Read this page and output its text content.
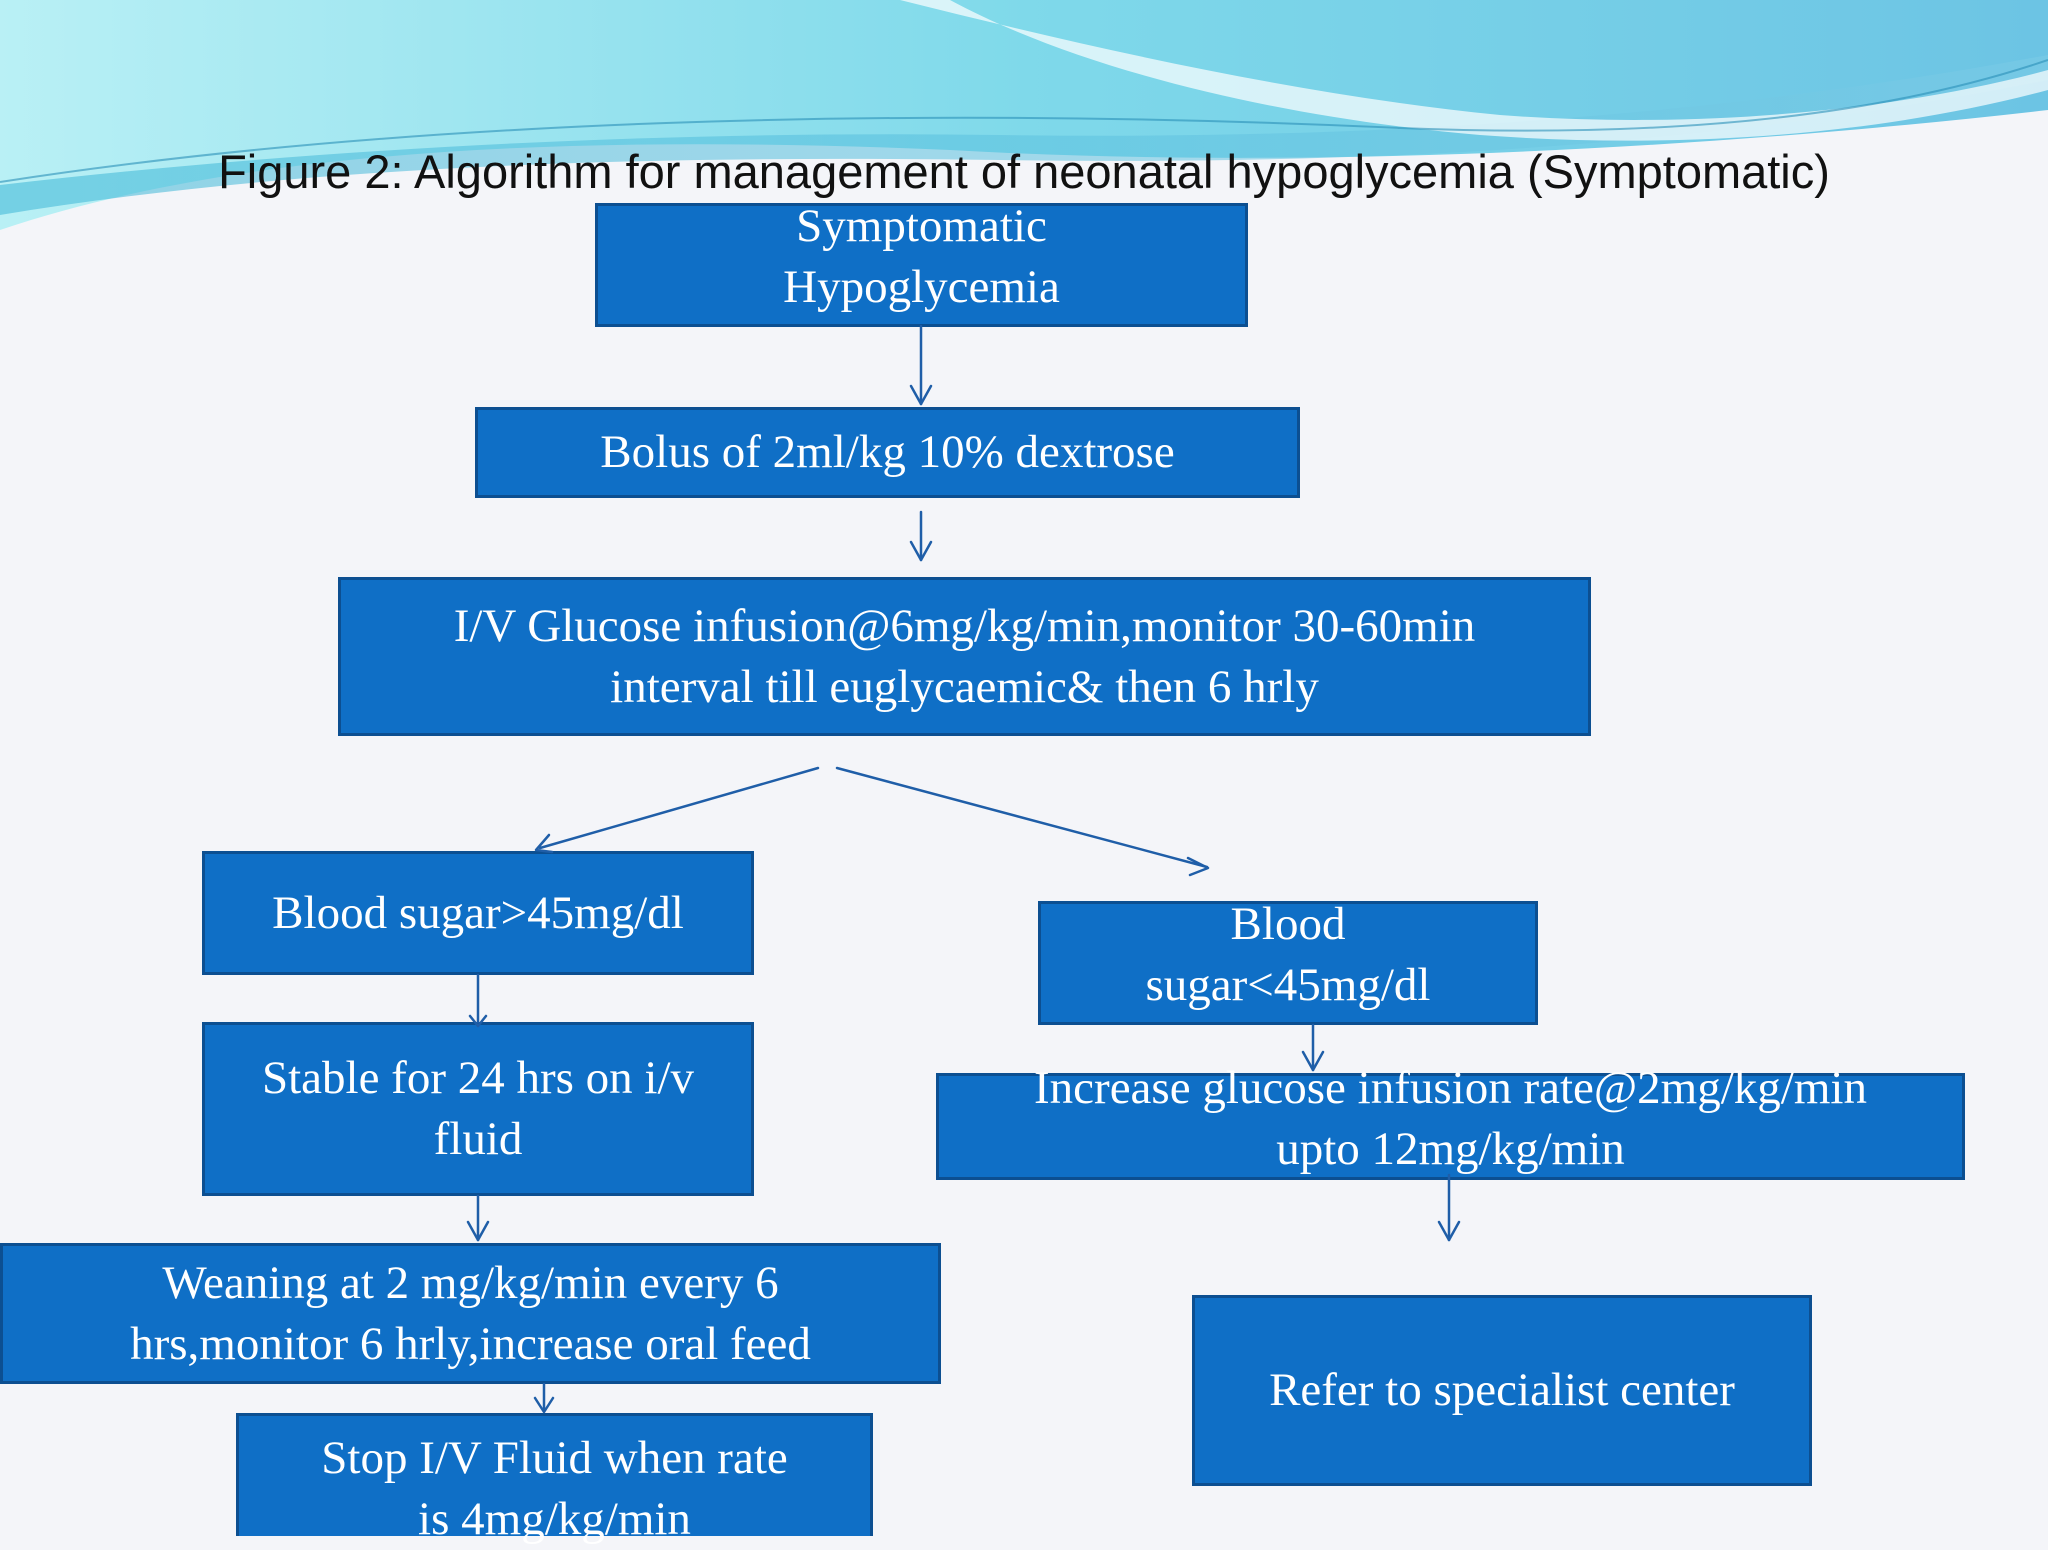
Figure 2: Algorithm for management of neonatal hypoglycemia (Symptomatic)
Symptomatic
Hypoglycemia
Bolus of 2ml/kg 10% dextrose
I/V Glucose infusion@6mg/kg/min,monitor 30-60min
interval till euglycaemic& then 6 hrly
Blood sugar>45mg/dl
Stable for 24 hrs on i/v
fluid
Weaning at 2 mg/kg/min every 6
hrs,monitor 6 hrly,increase oral feed
Stop I/V Fluid when rate
is 4mg/kg/min
Blood
sugar<45mg/dl
Increase glucose infusion rate@2mg/kg/min
upto 12mg/kg/min
Refer to specialist center
